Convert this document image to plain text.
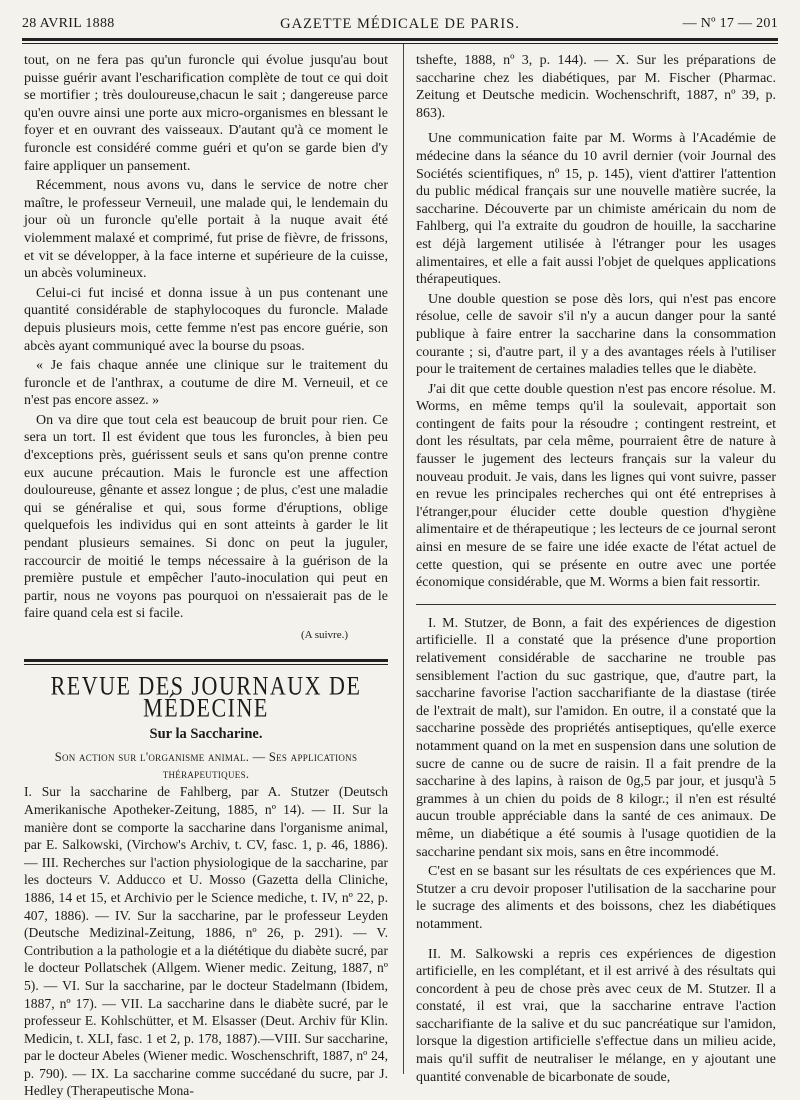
28 AVRIL 1888	GAZETTE MÉDICALE DE PARIS.	— Nº 17 — 201

tout, on ne fera pas qu'un furoncle qui évolue jusqu'au bout puisse guérir avant l'escharification complète de tout ce qui doit se mortifier ; très douloureuse,chacun le sait ; dangereuse parce qu'en ouvre ainsi une porte aux micro-organismes en blessant le foyer et en ouvrant des vaisseaux. D'autant qu'à ce moment le furoncle est considéré comme guéri et qu'on se garde bien d'y faire appliquer un pansement.

Récemment, nous avons vu, dans le service de notre cher maître, le professeur Verneuil, une malade qui, le lendemain du jour où un furoncle qu'elle portait à la nuque avait été violemment malaxé et comprimé, fut prise de fièvre, de frissons, et vit se développer, à la face interne et supérieure de la cuisse, un abcès volumineux.

Celui-ci fut incisé et donna issue à un pus contenant une quantité considérable de staphylocoques du furoncle. Malade depuis plusieurs mois, cette femme n'est pas encore guérie, son abcès ayant communiqué avec la bourse du psoas.

« Je fais chaque année une clinique sur le traitement du furoncle et de l'anthrax, a coutume de dire M. Verneuil, et ce n'est pas encore assez. »

On va dire que tout cela est beaucoup de bruit pour rien. Ce sera un tort. Il est évident que tous les furoncles, à bien peu d'exceptions près, guérissent seuls et sans qu'on prenne contre eux aucune précaution. Mais le furoncle est une affection douloureuse, gênante et assez longue ; de plus, c'est une maladie qui se généralise et qui, sous forme d'éruptions, oblige quelquefois les individus qui en sont atteints à garder le lit pendant plusieurs semaines. Si donc on peut la juguler, raccourcir de moitié le temps nécessaire à la guérison de la première pustule et empêcher l'auto-inoculation qui peut en partir, nous ne voyons pas pourquoi on n'essaierait pas de le faire quand cela est si facile.

(A suivre.)
REVUE DES JOURNAUX DE MÉDECINE
Sur la Saccharine.
Son action sur l'organisme animal. — Ses applications thérapeutiques.

I. Sur la saccharine de Fahlberg, par A. Stutzer (Deutsch Amerikanische Apotheker-Zeitung, 1885, nº 14). — II. Sur la manière dont se comporte la saccharine dans l'organisme animal, par E. Salkowski, (Virchow's Archiv, t. CV, fasc. 1, p. 46, 1886). — III. Recherches sur l'action physiologique de la saccharine, par les docteurs V. Adducco et U. Mosso (Gazetta della Cliniche, 1886, 14 et 15, et Archivio per le Science mediche, t. IV, nº 22, p. 407, 1886). — IV. Sur la saccharine, par le professeur Leyden (Deutsche Medizinal-Zeitung, 1886, nº 26, p. 291). — V. Contribution a la pathologie et a la diététique du diabète sucré, par le docteur Pollatschek (Allgem. Wiener medic. Zeitung, 1887, nº 5). — VI. Sur la saccharine, par le docteur Stadelmann (Ibidem, 1887, nº 17). — VII. La saccharine dans le diabète sucré, par le professeur E. Kohlschütter, et M. Elsasser (Deut. Archiv für Klin. Medicin, t. XLI, fasc. 1 et 2, p. 178, 1887).—VIII. Sur saccharine, par le docteur Abeles (Wiener medic. Woschenschrift, 1887, nº 24, p. 790). — IX. La saccharine comme succédané du sucre, par J. Hedley (Therapeutische Mona-

tshefte, 1888, nº 3, p. 144). — X. Sur les préparations de saccharine chez les diabétiques, par M. Fischer (Pharmac. Zeitung et Deutsche medicin. Wochenschrift, 1887, nº 39, p. 863).

Une communication faite par M. Worms à l'Académie de médecine dans la séance du 10 avril dernier (voir Journal des Sociétés scientifiques, nº 15, p. 145), vient d'attirer l'attention du public médical français sur une nouvelle matière sucrée, la saccharine. Découverte par un chimiste américain du nom de Fahlberg, qui l'a extraite du goudron de houille, la saccharine est déjà largement utilisée à l'étranger pour les usages alimentaires, et elle a fait aussi l'objet de quelques applications thérapeutiques.

Une double question se pose dès lors, qui n'est pas encore résolue, celle de savoir s'il n'y a aucun danger pour la santé publique à faire entrer la saccharine dans la consommation courante ; si, d'autre part, il y a des avantages réels à l'utiliser pour le traitement de certaines maladies telles que le diabète.

J'ai dit que cette double question n'est pas encore résolue. M. Worms, en même temps qu'il la soulevait, apportait son contingent de faits pour la résoudre ; contingent restreint, et dont les résultats, par cela même, pourraient être de nature à fausser le jugement des lecteurs français sur la valeur du nouveau produit. Je vais, dans les lignes qui vont suivre, passer en revue les principales recherches qui ont été entreprises à l'étranger,pour élucider cette double question d'hygiène alimentaire et de thérapeutique ; les lecteurs de ce journal seront ainsi en mesure de se faire une idée exacte de l'état actuel de cette question, qui se présente en outre avec une portée économique considérable, que M. Worms a bien fait ressortir.

I. M. Stutzer, de Bonn, a fait des expériences de digestion artificielle. Il a constaté que la présence d'une proportion relativement considérable de saccharine ne trouble pas sensiblement l'action du suc gastrique, que, d'autre part, la saccharine favorise l'action saccharifiante de la diastase (tirée de l'extrait de malt), sur l'amidon. En outre, il a constaté que la saccharine possède des propriétés antiseptiques, qu'elle exerce notamment quand on la met en suspension dans une solution de sucre de canne ou de sucre de raisin. Il a fait prendre de la saccharine à des lapins, à raison de 0g,5 par jour, et jusqu'à 5 grammes à un chien du poids de 8 kilogr.; il n'en est résulté aucun trouble appréciable dans la santé de ces animaux. De même, un diabétique a été soumis à l'usage quotidien de la saccharine pendant six mois, sans en être incommodé.

C'est en se basant sur les résultats de ces expériences que M. Stutzer a cru devoir proposer l'utilisation de la saccharine pour le sucrage des aliments et des boissons, chez les diabétiques notamment.

II. M. Salkowski a repris ces expériences de digestion artificielle, en les complétant, et il est arrivé à des résultats qui concordent à peu de chose près avec ceux de M. Stutzer. Il a constaté, il est vrai, que la saccharine entrave l'action saccharifiante de la salive et du suc pancréatique sur l'amidon, lorsque la digestion artificielle s'effectue dans un milieu acide, mais qu'il suffit de neutraliser le mélange, en y ajoutant une quantité convenable de bicarbonate de soude,
